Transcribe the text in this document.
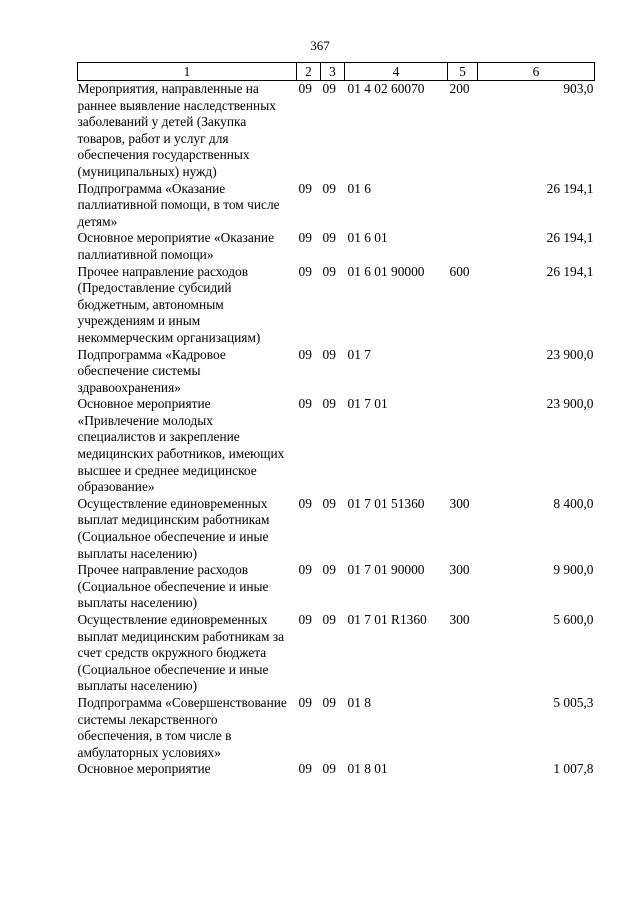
367
1	2	3	4	5	6
Мероприятия, направленные на раннее выявление наследственных заболеваний у детей (Закупка товаров, работ и услуг для обеспечения государственных (муниципальных) нужд)	09	09	01 4 02 60070	200	903,0
Подпрограмма «Оказание паллиативной помощи, в том числе детям»	09	09	01 6		26 194,1
Основное мероприятие «Оказание паллиативной помощи»	09	09	01 6 01		26 194,1
Прочее направление расходов (Предоставление субсидий бюджетным, автономным учреждениям и иным некоммерческим организациям)	09	09	01 6 01 90000	600	26 194,1
Подпрограмма «Кадровое обеспечение системы здравоохранения»	09	09	01 7		23 900,0
Основное мероприятие «Привлечение молодых специалистов и закрепление медицинских работников, имеющих высшее и среднее медицинское образование»	09	09	01 7 01		23 900,0
Осуществление единовременных выплат медицинским работникам (Социальное обеспечение и иные выплаты населению)	09	09	01 7 01 51360	300	8 400,0
Прочее направление расходов (Социальное обеспечение и иные выплаты населению)	09	09	01 7 01 90000	300	9 900,0
Осуществление единовременных выплат медицинским работникам за счет средств окружного бюджета (Социальное обеспечение и иные выплаты населению)	09	09	01 7 01 R1360	300	5 600,0
Подпрограмма «Совершенствование системы лекарственного обеспечения, в том числе в амбулаторных условиях»	09	09	01 8		5 005,3
Основное мероприятие	09	09	01 8 01		1 007,8
